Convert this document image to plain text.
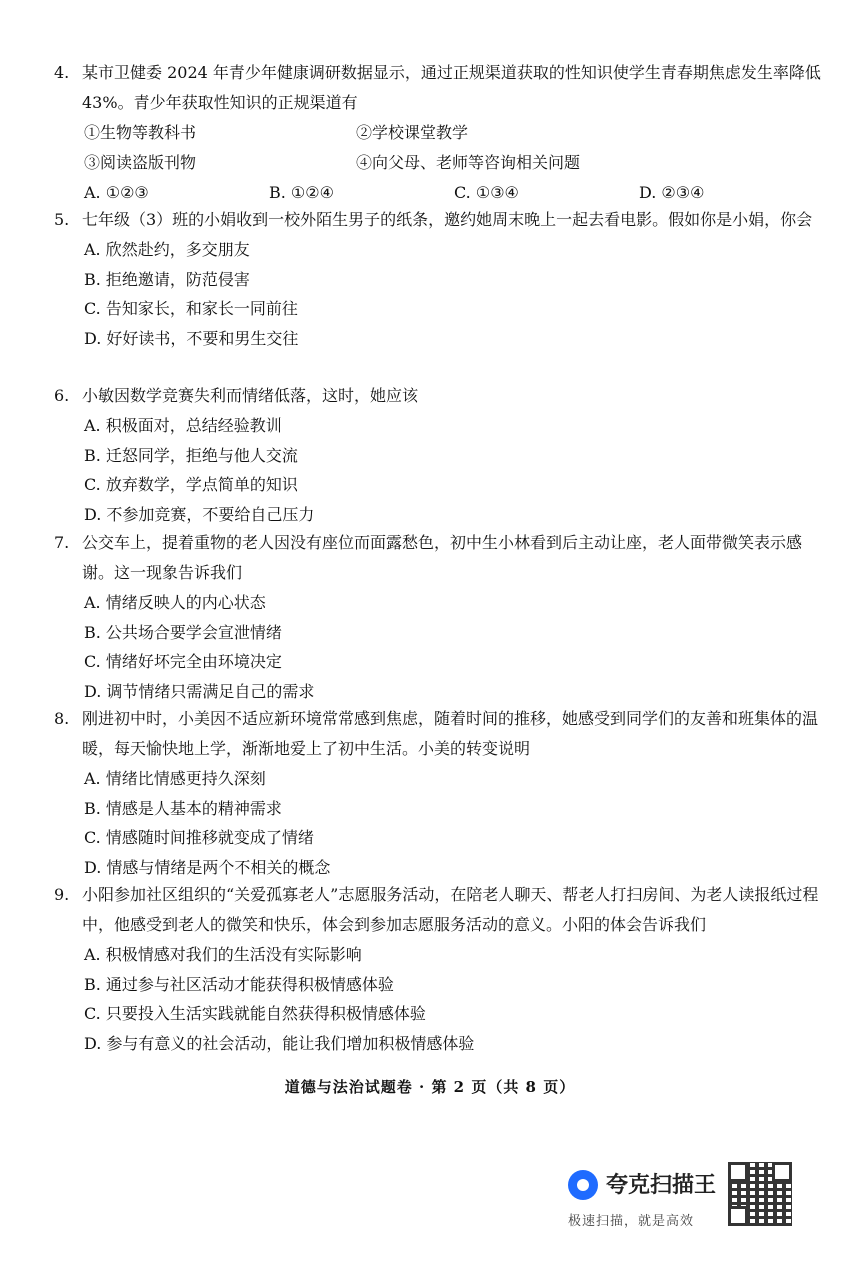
4. 某市卫健委 2024 年青少年健康调研数据显示，通过正规渠道获取的性知识使学生青春期焦虑发生率降低 43%。青少年获取性知识的正规渠道有
①生物等教科书	②学校课堂教学
③阅读盗版刊物	④向父母、老师等咨询相关问题
A. ①②③	B. ①②④	C. ①③④	D. ②③④
5. 七年级（3）班的小娟收到一校外陌生男子的纸条，邀约她周末晚上一起去看电影。假如你是小娟，你会
A. 欣然赴约，多交朋友
B. 拒绝邀请，防范侵害
C. 告知家长，和家长一同前往
D. 好好读书，不要和男生交往
6. 小敏因数学竞赛失利而情绪低落，这时，她应该
A. 积极面对，总结经验教训
B. 迁怒同学，拒绝与他人交流
C. 放弃数学，学点简单的知识
D. 不参加竞赛，不要给自己压力
7. 公交车上，提着重物的老人因没有座位而面露愁色，初中生小林看到后主动让座，老人面带微笑表示感谢。这一现象告诉我们
A. 情绪反映人的内心状态
B. 公共场合要学会宣泄情绪
C. 情绪好坏完全由环境决定
D. 调节情绪只需满足自己的需求
8. 刚进初中时，小美因不适应新环境常常感到焦虑，随着时间的推移，她感受到同学们的友善和班集体的温暖，每天愉快地上学，渐渐地爱上了初中生活。小美的转变说明
A. 情绪比情感更持久深刻
B. 情感是人基本的精神需求
C. 情感随时间推移就变成了情绪
D. 情感与情绪是两个不相关的概念
9. 小阳参加社区组织的“关爱孤寡老人”志愿服务活动，在陪老人聊天、帮老人打扫房间、为老人读报纸过程中，他感受到老人的微笑和快乐，体会到参加志愿服务活动的意义。小阳的体会告诉我们
A. 积极情感对我们的生活没有实际影响
B. 通过参与社区活动才能获得积极情感体验
C. 只要投入生活实践就能自然获得积极情感体验
D. 参与有意义的社会活动，能让我们增加积极情感体验
道德与法治试题卷 · 第 2 页（共 8 页）
夸克扫描王
极速扫描，就是高效
